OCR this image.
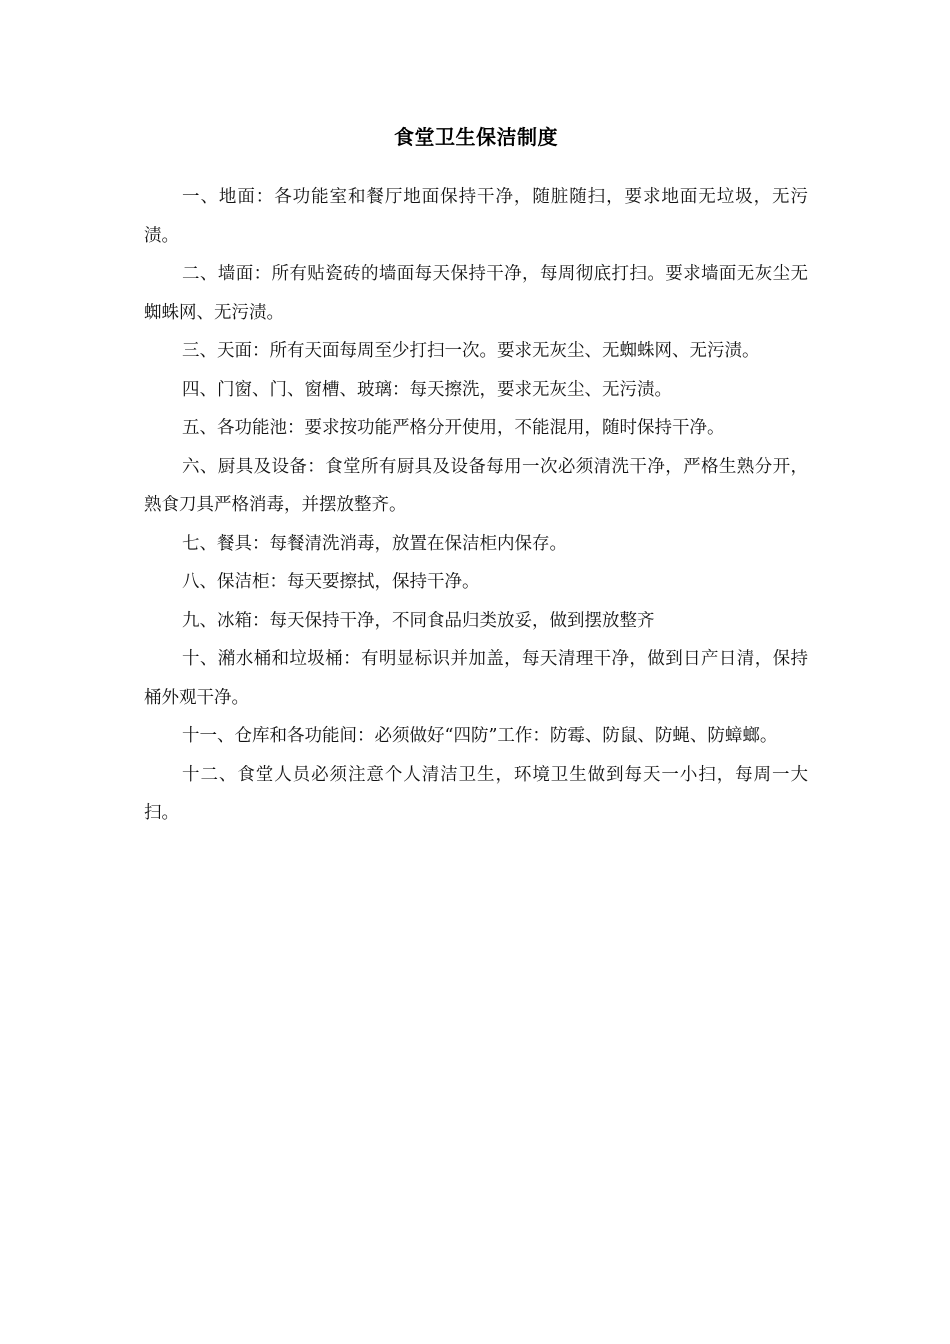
食堂卫生保洁制度

一、地面：各功能室和餐厅地面保持干净，随脏随扫，要求地面无垃圾，无污渍。

二、墙面：所有贴瓷砖的墙面每天保持干净，每周彻底打扫。要求墙面无灰尘无蜘蛛网、无污渍。

三、天面：所有天面每周至少打扫一次。要求无灰尘、无蜘蛛网、无污渍。

四、门窗、门、窗槽、玻璃：每天擦洗，要求无灰尘、无污渍。

五、各功能池：要求按功能严格分开使用，不能混用，随时保持干净。

六、厨具及设备：食堂所有厨具及设备每用一次必须清洗干净，严格生熟分开，熟食刀具严格消毒，并摆放整齐。

七、餐具：每餐清洗消毒，放置在保洁柜内保存。

八、保洁柜：每天要擦拭，保持干净。

九、冰箱：每天保持干净，不同食品归类放妥，做到摆放整齐

十、潲水桶和垃圾桶：有明显标识并加盖，每天清理干净，做到日产日清，保持桶外观干净。

十一、仓库和各功能间：必须做好“四防”工作：防霉、防鼠、防蝇、防蟑螂。

十二、食堂人员必须注意个人清洁卫生，环境卫生做到每天一小扫，每周一大扫。
